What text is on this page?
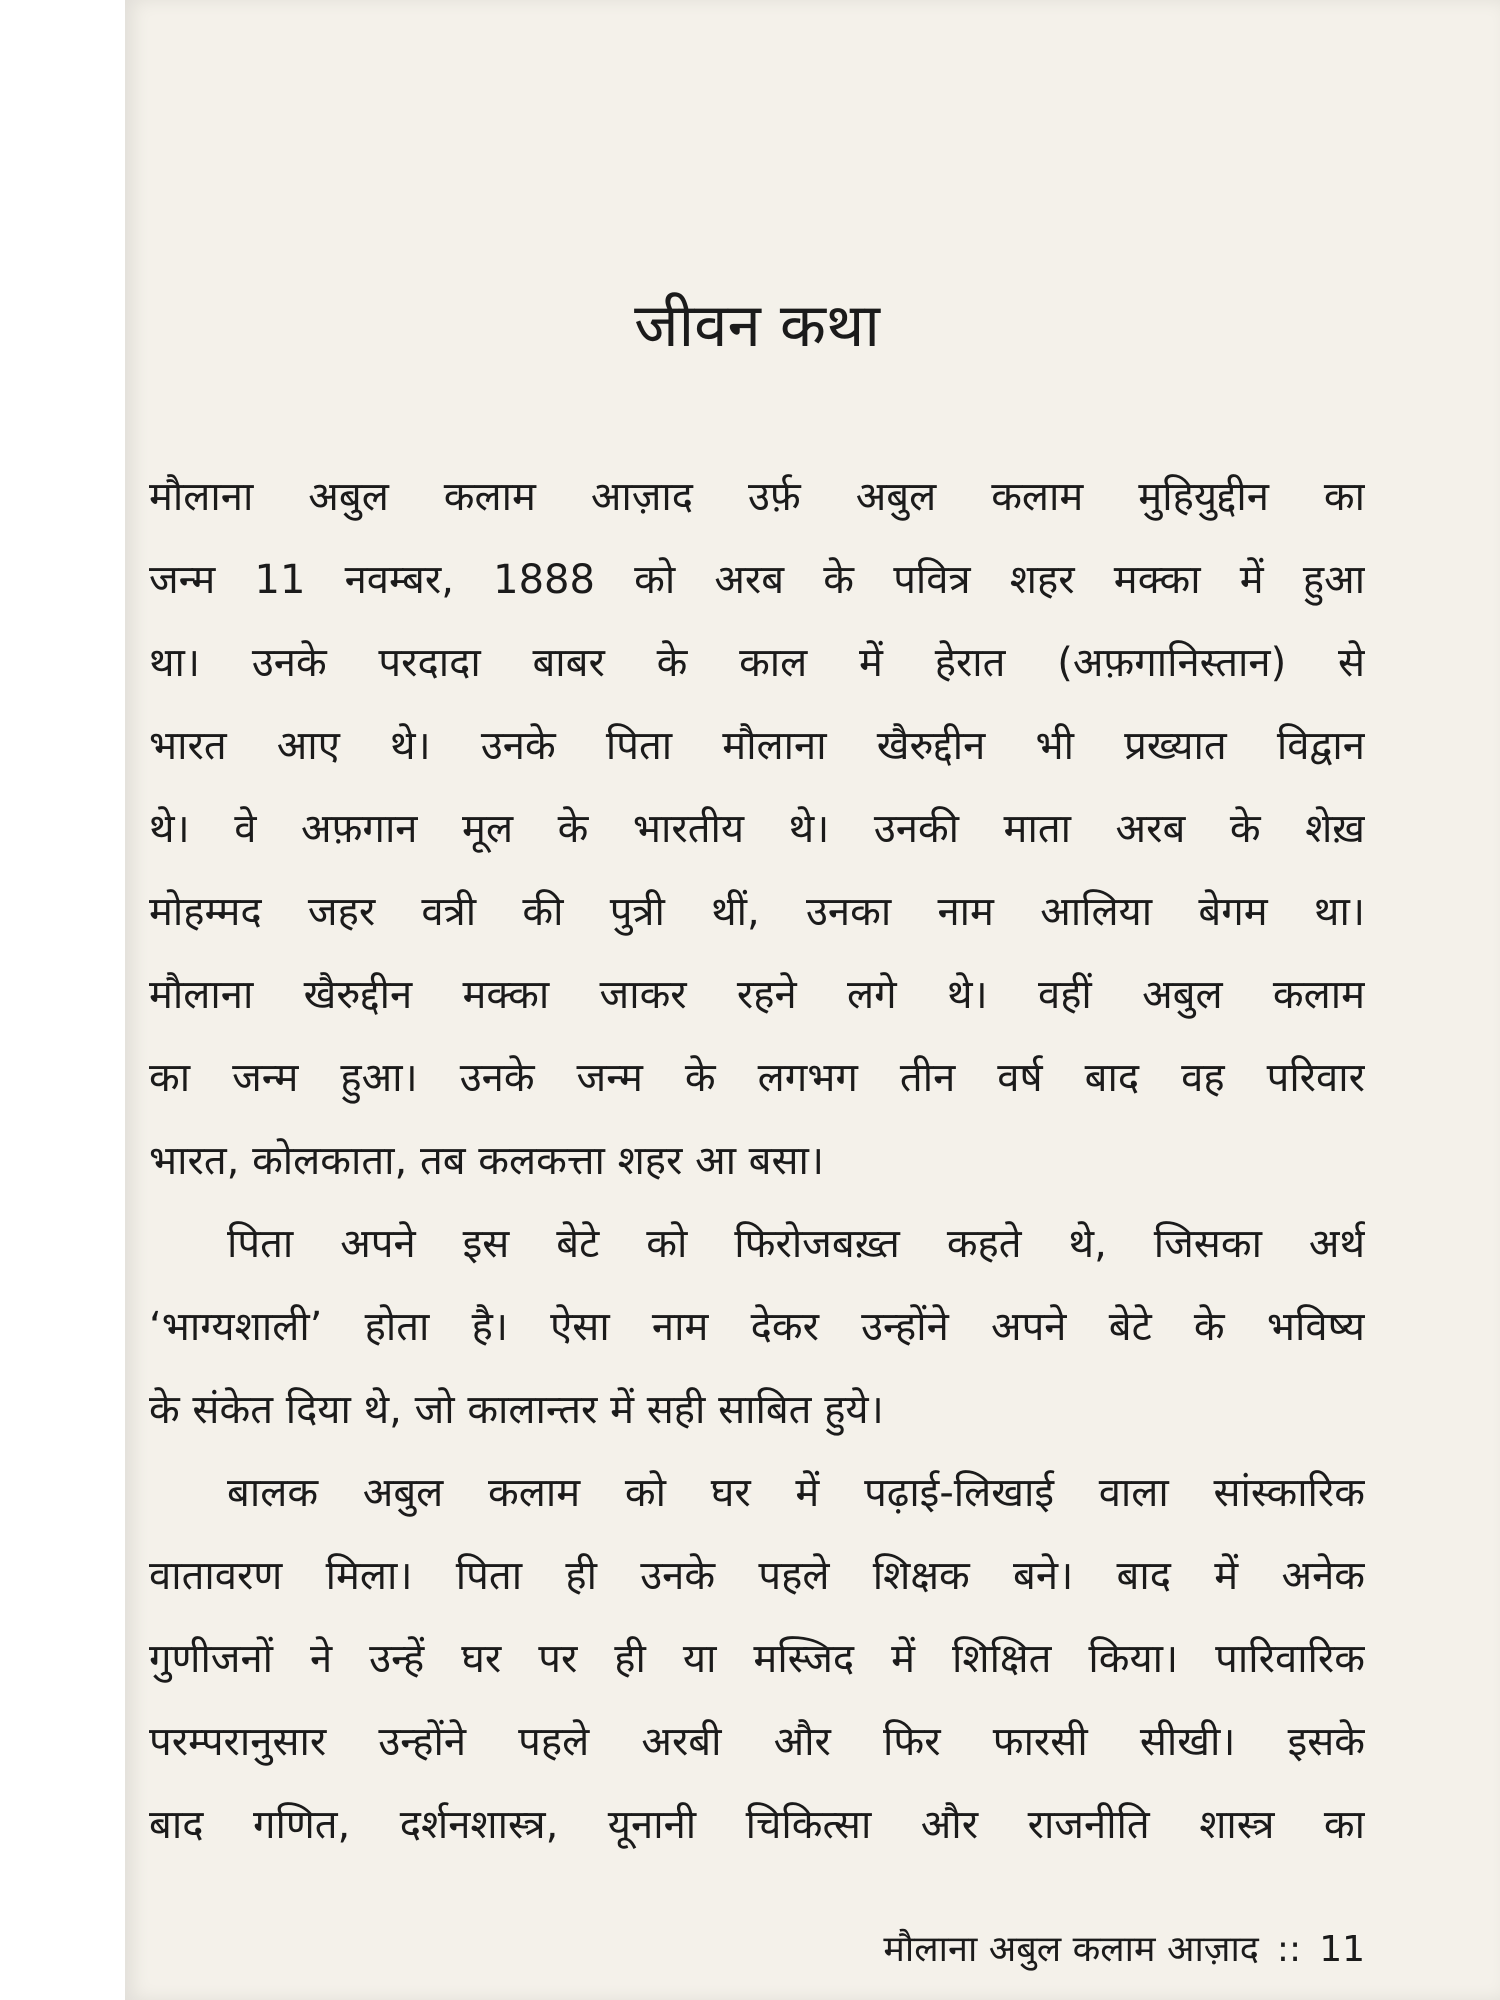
जीवन कथा
मौलाना अबुल कलाम आज़ाद उर्फ़ अबुल कलाम मुहियुद्दीन का
जन्म 11 नवम्बर, 1888 को अरब के पवित्र शहर मक्का में हुआ
था। उनके परदादा बाबर के काल में हेरात (अफ़गानिस्तान) से
भारत आए थे। उनके पिता मौलाना खैरुद्दीन भी प्रख्यात विद्वान
थे। वे अफ़गान मूल के भारतीय थे। उनकी माता अरब के शेख़
मोहम्मद जहर वत्री की पुत्री थीं, उनका नाम आलिया बेगम था।
मौलाना खैरुद्दीन मक्का जाकर रहने लगे थे। वहीं अबुल कलाम
का जन्म हुआ। उनके जन्म के लगभग तीन वर्ष बाद वह परिवार
भारत, कोलकाता, तब कलकत्ता शहर आ बसा।
पिता अपने इस बेटे को फिरोजबख़्त कहते थे, जिसका अर्थ
‘भाग्यशाली’ होता है। ऐसा नाम देकर उन्होंने अपने बेटे के भविष्य
के संकेत दिया थे, जो कालान्तर में सही साबित हुये।
बालक अबुल कलाम को घर में पढ़ाई-लिखाई वाला सांस्कारिक
वातावरण मिला। पिता ही उनके पहले शिक्षक बने। बाद में अनेक
गुणीजनों ने उन्हें घर पर ही या मस्जिद में शिक्षित किया। पारिवारिक
परम्परानुसार उन्होंने पहले अरबी और फिर फारसी सीखी। इसके
बाद गणित, दर्शनशास्त्र, यूनानी चिकित्सा और राजनीति शास्त्र का
मौलाना अबुल कलाम आज़ाद :: 11
